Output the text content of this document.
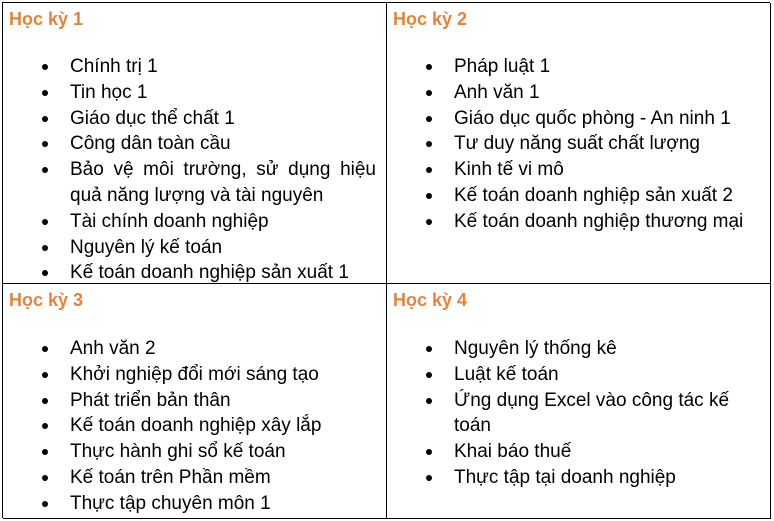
Học kỳ 1
Chính trị 1
Tin học 1
Giáo dục thể chất 1
Công dân toàn cầu
Bảo vệ môi trường, sử dụng hiệu quả năng lượng và tài nguyên
Tài chính doanh nghiệp
Nguyên lý kế toán
Kế toán doanh nghiệp sản xuất 1
Học kỳ 2
Pháp luật 1
Anh văn 1
Giáo dục quốc phòng - An ninh 1
Tư duy năng suất chất lượng
Kinh tế vi mô
Kế toán doanh nghiệp sản xuất 2
Kế toán doanh nghiệp thương mại
Học kỳ 3
Anh văn 2
Khởi nghiệp đổi mới sáng tạo
Phát triển bản thân
Kế toán doanh nghiệp xây lắp
Thực hành ghi sổ kế toán
Kế toán trên Phần mềm
Thực tập chuyên môn 1
Học kỳ 4
Nguyên lý thống kê
Luật kế toán
Ứng dụng Excel vào công tác kế toán
Khai báo thuế
Thực tập tại doanh nghiệp
